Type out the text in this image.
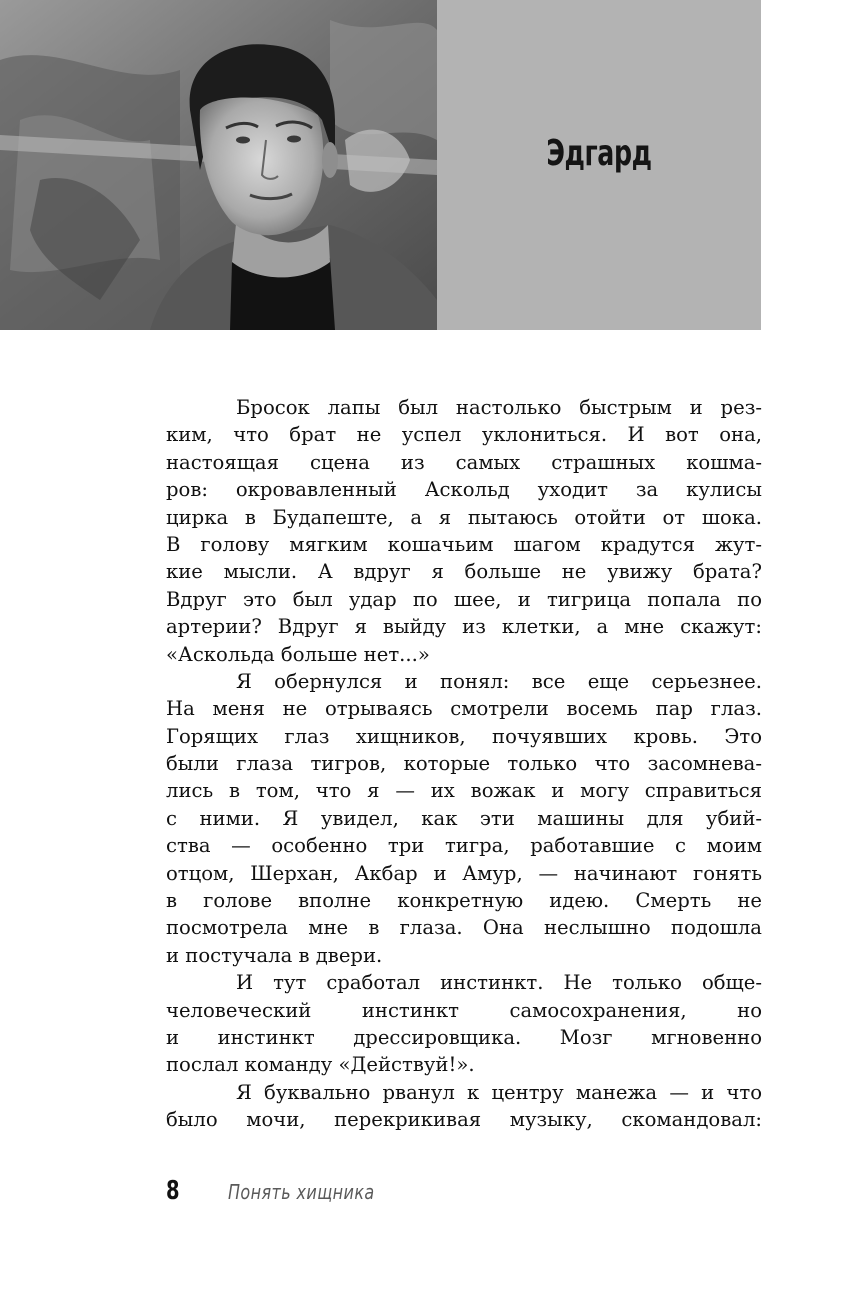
Эдгард
Бросок лапы был настолько быстрым и рез-
ким, что брат не успел уклониться. И вот она,
настоящая сцена из самых страшных кошма-
ров: окровавленный Аскольд уходит за кулисы
цирка в Будапеште, а я пытаюсь отойти от шока.
В голову мягким кошачьим шагом крадутся жут-
кие мысли. А вдруг я больше не увижу брата?
Вдруг это был удар по шее, и тигрица попала по
артерии? Вдруг я выйду из клетки, а мне скажут:
«Аскольда больше нет...»
Я обернулся и понял: все еще серьезнее.
На меня не отрываясь смотрели восемь пар глаз.
Горящих глаз хищников, почуявших кровь. Это
были глаза тигров, которые только что засомнева-
лись в том, что я — их вожак и могу справиться
с ними. Я увидел, как эти машины для убий-
ства — особенно три тигра, работавшие с моим
отцом, Шерхан, Акбар и Амур, — начинают гонять
в голове вполне конкретную идею. Смерть не
посмотрела мне в глаза. Она неслышно подошла
и постучала в двери.
И тут сработал инстинкт. Не только обще-
человеческий инстинкт самосохранения, но
и инстинкт дрессировщика. Мозг мгновенно
послал команду «Действуй!».
Я буквально рванул к центру манежа — и что
было мочи, перекрикивая музыку, скомандовал:
8 Понять хищника
